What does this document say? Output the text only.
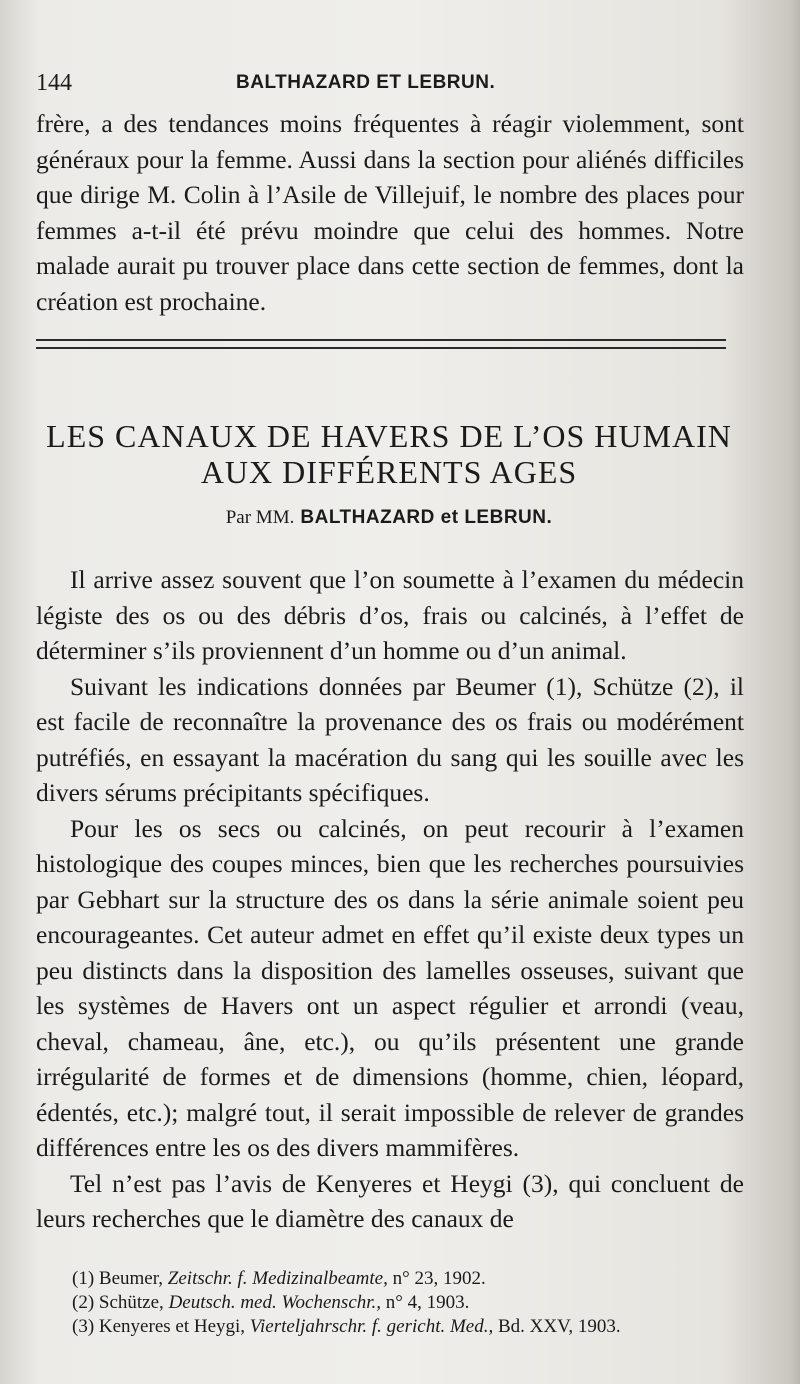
144	BALTHAZARD ET LEBRUN.

frère, a des tendances moins fréquentes à réagir violemment, sont généraux pour la femme. Aussi dans la section pour aliénés difficiles que dirige M. Colin à l’Asile de Villejuif, le nombre des places pour femmes a-t-il été prévu moindre que celui des hommes. Notre malade aurait pu trouver place dans cette section de femmes, dont la création est prochaine.

LES CANAUX DE HAVERS DE L’OS HUMAIN
AUX DIFFÉRENTS AGES
Par MM. BALTHAZARD et LEBRUN.

Il arrive assez souvent que l’on soumette à l’examen du médecin légiste des os ou des débris d’os, frais ou calcinés, à l’effet de déterminer s’ils proviennent d’un homme ou d’un animal.

Suivant les indications données par Beumer (1), Schütze (2), il est facile de reconnaître la provenance des os frais ou modérément putréfiés, en essayant la macération du sang qui les souille avec les divers sérums précipitants spécifiques.

Pour les os secs ou calcinés, on peut recourir à l’examen histologique des coupes minces, bien que les recherches poursuivies par Gebhart sur la structure des os dans la série animale soient peu encourageantes. Cet auteur admet en effet qu’il existe deux types un peu distincts dans la disposition des lamelles osseuses, suivant que les systèmes de Havers ont un aspect régulier et arrondi (veau, cheval, chameau, âne, etc.), ou qu’ils présentent une grande irrégularité de formes et de dimensions (homme, chien, léopard, édentés, etc.); malgré tout, il serait impossible de relever de grandes différences entre les os des divers mammifères.

Tel n’est pas l’avis de Kenyeres et Heygi (3), qui concluent de leurs recherches que le diamètre des canaux de

(1) Beumer, Zeitschr. f. Medizinalbeamte, n° 23, 1902.

(2) Schütze, Deutsch. med. Wochenschr., n° 4, 1903.

(3) Kenyeres et Heygi, Vierteljahrschr. f. gericht. Med., Bd. XXV, 1903.
